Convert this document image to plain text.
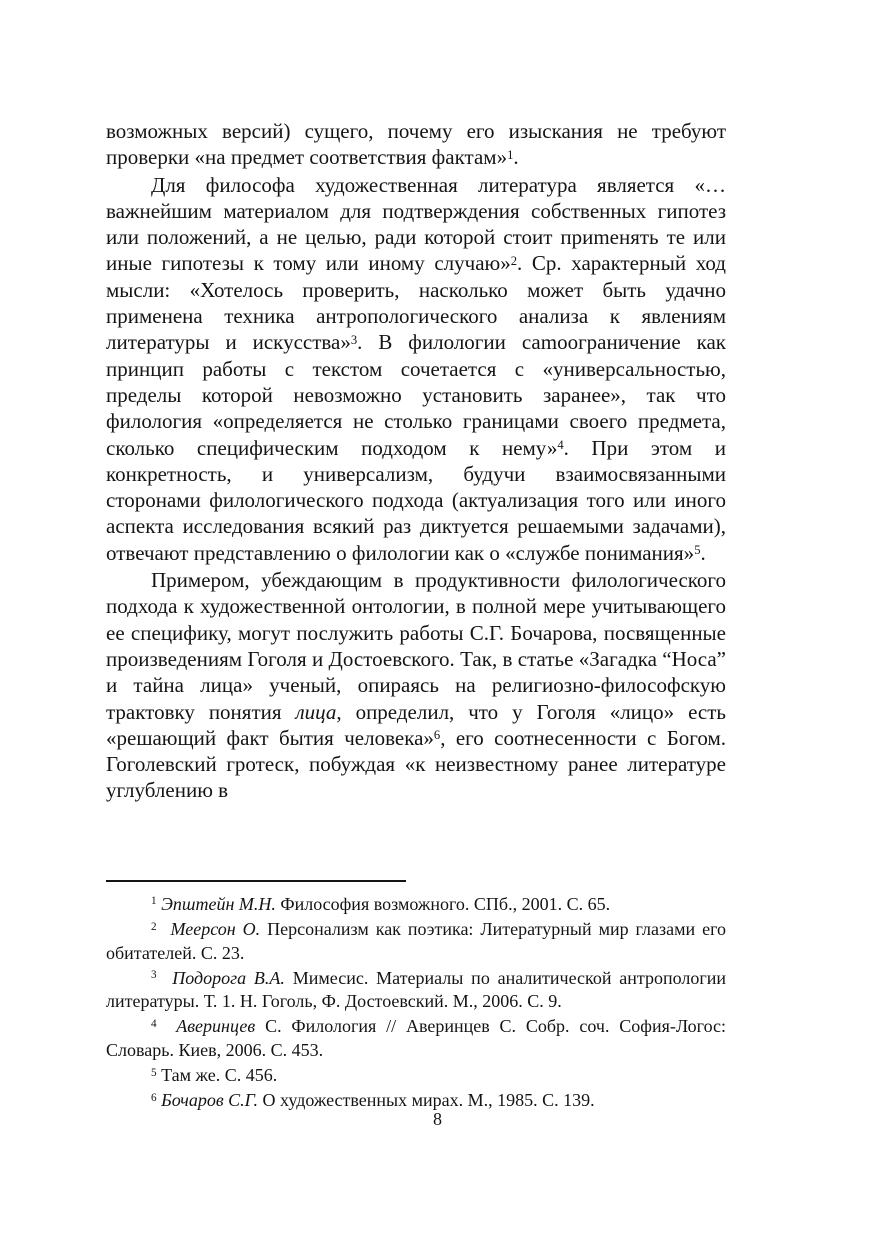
возможных версий) сущего, почему его изыскания не требуют проверки «на предмет соответствия фактам»$^1$.

Для философа художественная литература является «…важнейшим материалом для подтверждения собственных гипотез или положений, а не целью, ради которой стоит приmенять те или иные гипотезы к тому или иному случаю»$^2$. Ср. характерный ход мысли: «Хотелось проверить, насколько может быть удачно применена техника антропологического анализа к явлениям литературы и искусства»$^3$. В филологии саmоограничение как принцип работы с текстом сочетается с «универсальностью, пределы которой невозможно установить заранее», так что филология «определяется не столько границами своего предмета, сколько специфическим подходом к нему»$^4$. При этом и конкретность, и универсализм, будучи взаимосвязанными сторонами филологического подхода (актуализация того или иного аспекта исследования всякий раз диктуется решаемыми задачами), отвечают представлению о филологии как о «службе понимания»$^5$.

Примером, убеждающим в продуктивности филологического подхода к художественной онтологии, в полной мере учитывающего ее специфику, могут послужить работы С.Г. Бочарова, посвященные произведениям Гоголя и Достоевского. Так, в статье «Загадка “Носа” и тайна лица» ученый, опираясь на религиозно-философскую трактовку понятия лица, определил, что у Гоголя «лицо» есть «решающий факт бытия человека»$^6$, его соотнесенности с Богом. Гоголевский гротеск, побуждая «к неизвестному ранее литературе углублению в

$^1$ Эпштейн М.Н. Философия возможного. СПб., 2001. С. 65.

$^2$ Меерсон О. Персонализм как поэтика: Литературный мир глазами его обитателей. С. 23.

$^3$ Подорога В.А. Мимесис. Материалы по аналитической антропологии литературы. Т. 1. Н. Гоголь, Ф. Достоевский. М., 2006. С. 9.

$^4$ Аверинцев С. Филология // Аверинцев С. Собр. соч. София-Логос: Словарь. Киев, 2006. С. 453.

$^5$ Там же. С. 456.

$^6$ Бочаров С.Г. О художественных мирах. М., 1985. С. 139.

8
